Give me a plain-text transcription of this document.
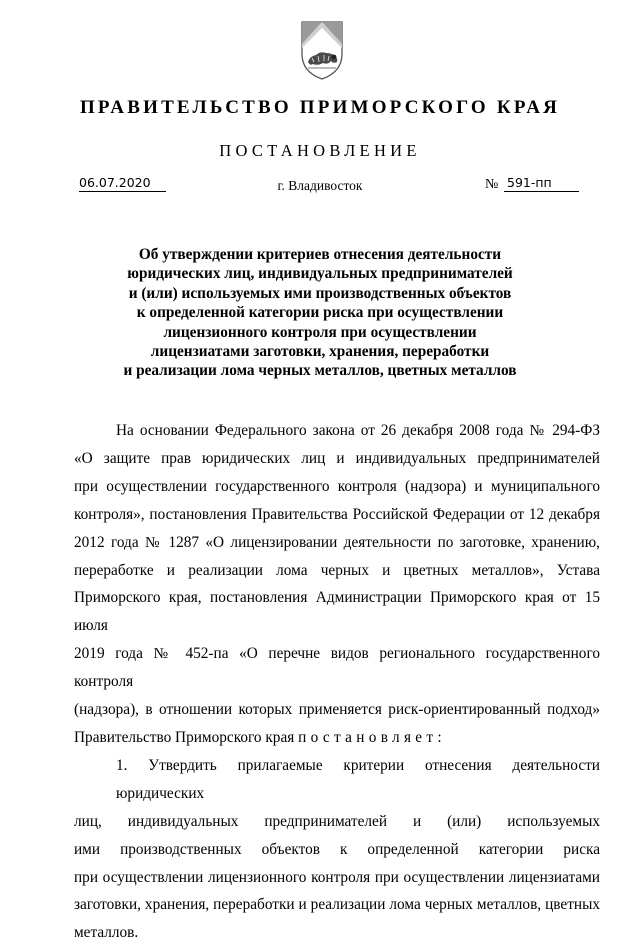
ПРАВИТЕЛЬСТВО ПРИМОРСКОГО КРАЯ
ПОСТАНОВЛЕНИЕ
06.07.2020	г. Владивосток	№ 591-пп
Об утверждении критериев отнесения деятельности
юридических лиц, индивидуальных предпринимателей
и (или) используемых ими производственных объектов
к определенной категории риска при осуществлении
лицензионного контроля при осуществлении
лицензиатами заготовки, хранения, переработки
и реализации лома черных металлов, цветных металлов
На основании Федерального закона от 26 декабря 2008 года № 294-ФЗ
«О защите прав юридических лиц и индивидуальных предпринимателей
при осуществлении государственного контроля (надзора) и муниципального
контроля», постановления Правительства Российской Федерации от 12 декабря
2012 года № 1287 «О лицензировании деятельности по заготовке, хранению,
переработке и реализации лома черных и цветных металлов», Устава
Приморского края, постановления Администрации Приморского края от 15 июля
2019 года № 452-па «О перечне видов регионального государственного контроля
(надзора), в отношении которых применяется риск-ориентированный подход»
Правительство Приморского края постановляет:
1. Утвердить прилагаемые критерии отнесения деятельности юридических
лиц, индивидуальных предпринимателей и (или) используемых
ими производственных объектов к определенной категории риска
при осуществлении лицензионного контроля при осуществлении лицензиатами
заготовки, хранения, переработки и реализации лома черных металлов, цветных
металлов.
